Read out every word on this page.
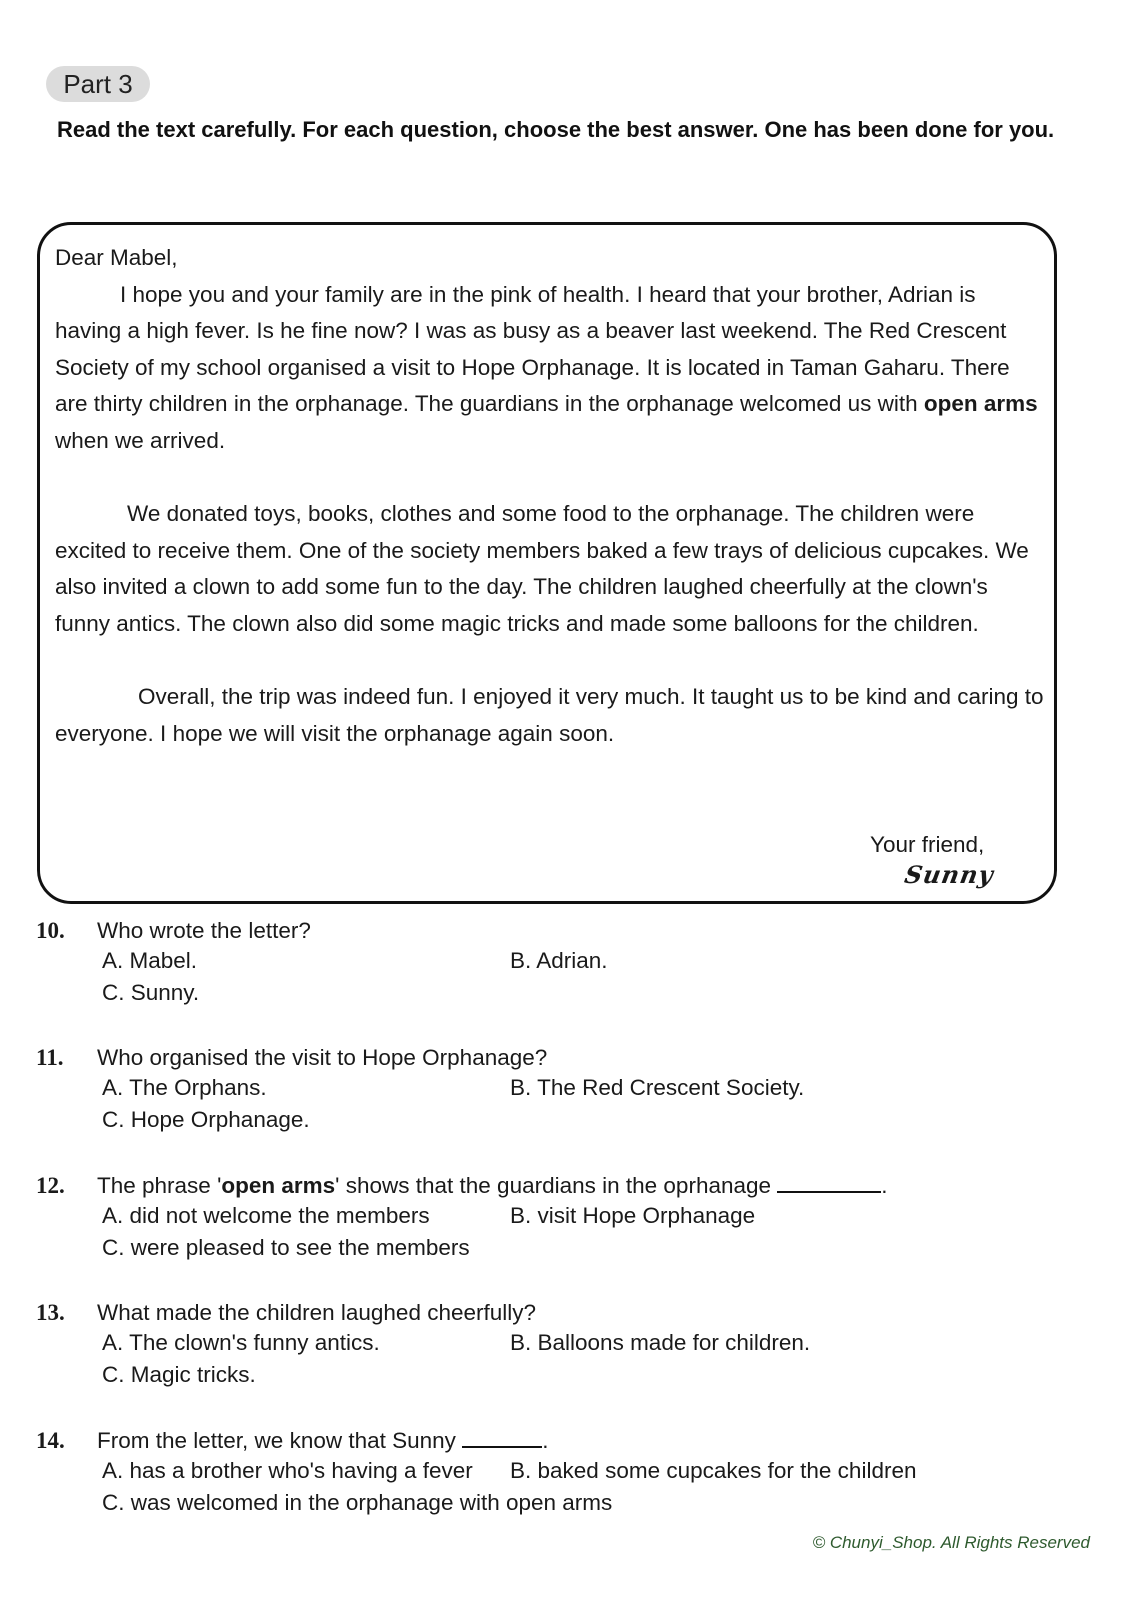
Part 3
Read the text carefully. For each question, choose the best answer. One has been done for you.

Dear Mabel,

I hope you and your family are in the pink of health. I heard that your brother, Adrian is having a high fever. Is he fine now? I was as busy as a beaver last weekend. The Red Crescent Society of my school organised a visit to Hope Orphanage. It is located in Taman Gaharu. There are thirty children in the orphanage. The guardians in the orphanage welcomed us with open arms when we arrived.

We donated toys, books, clothes and some food to the orphanage. The children were excited to receive them. One of the society members baked a few trays of delicious cupcakes. We also invited a clown to add some fun to the day. The children laughed cheerfully at the clown's funny antics. The clown also did some magic tricks and made some balloons for the children.

Overall, the trip was indeed fun. I enjoyed it very much. It taught us to be kind and caring to everyone. I hope we will visit the orphanage again soon.

Your friend,
Sunny
10. Who wrote the letter?
A. Mabel.	B. Adrian.
C. Sunny.
11. Who organised the visit to Hope Orphanage?
A. The Orphans.	B. The Red Crescent Society.
C. Hope Orphanage.
12. The phrase 'open arms' shows that the guardians in the oprhanage	.
A. did not welcome the members	B. visit Hope Orphanage
C. were pleased to see the members
13. What made the children laughed cheerfully?
A. The clown's funny antics.	B. Balloons made for children.
C. Magic tricks.
14. From the letter, we know that Sunny	.
A. has a brother who's having a fever B. baked some cupcakes for the children
C. was welcomed in the orphanage with open arms
© Chunyi_Shop. All Rights Reserved
